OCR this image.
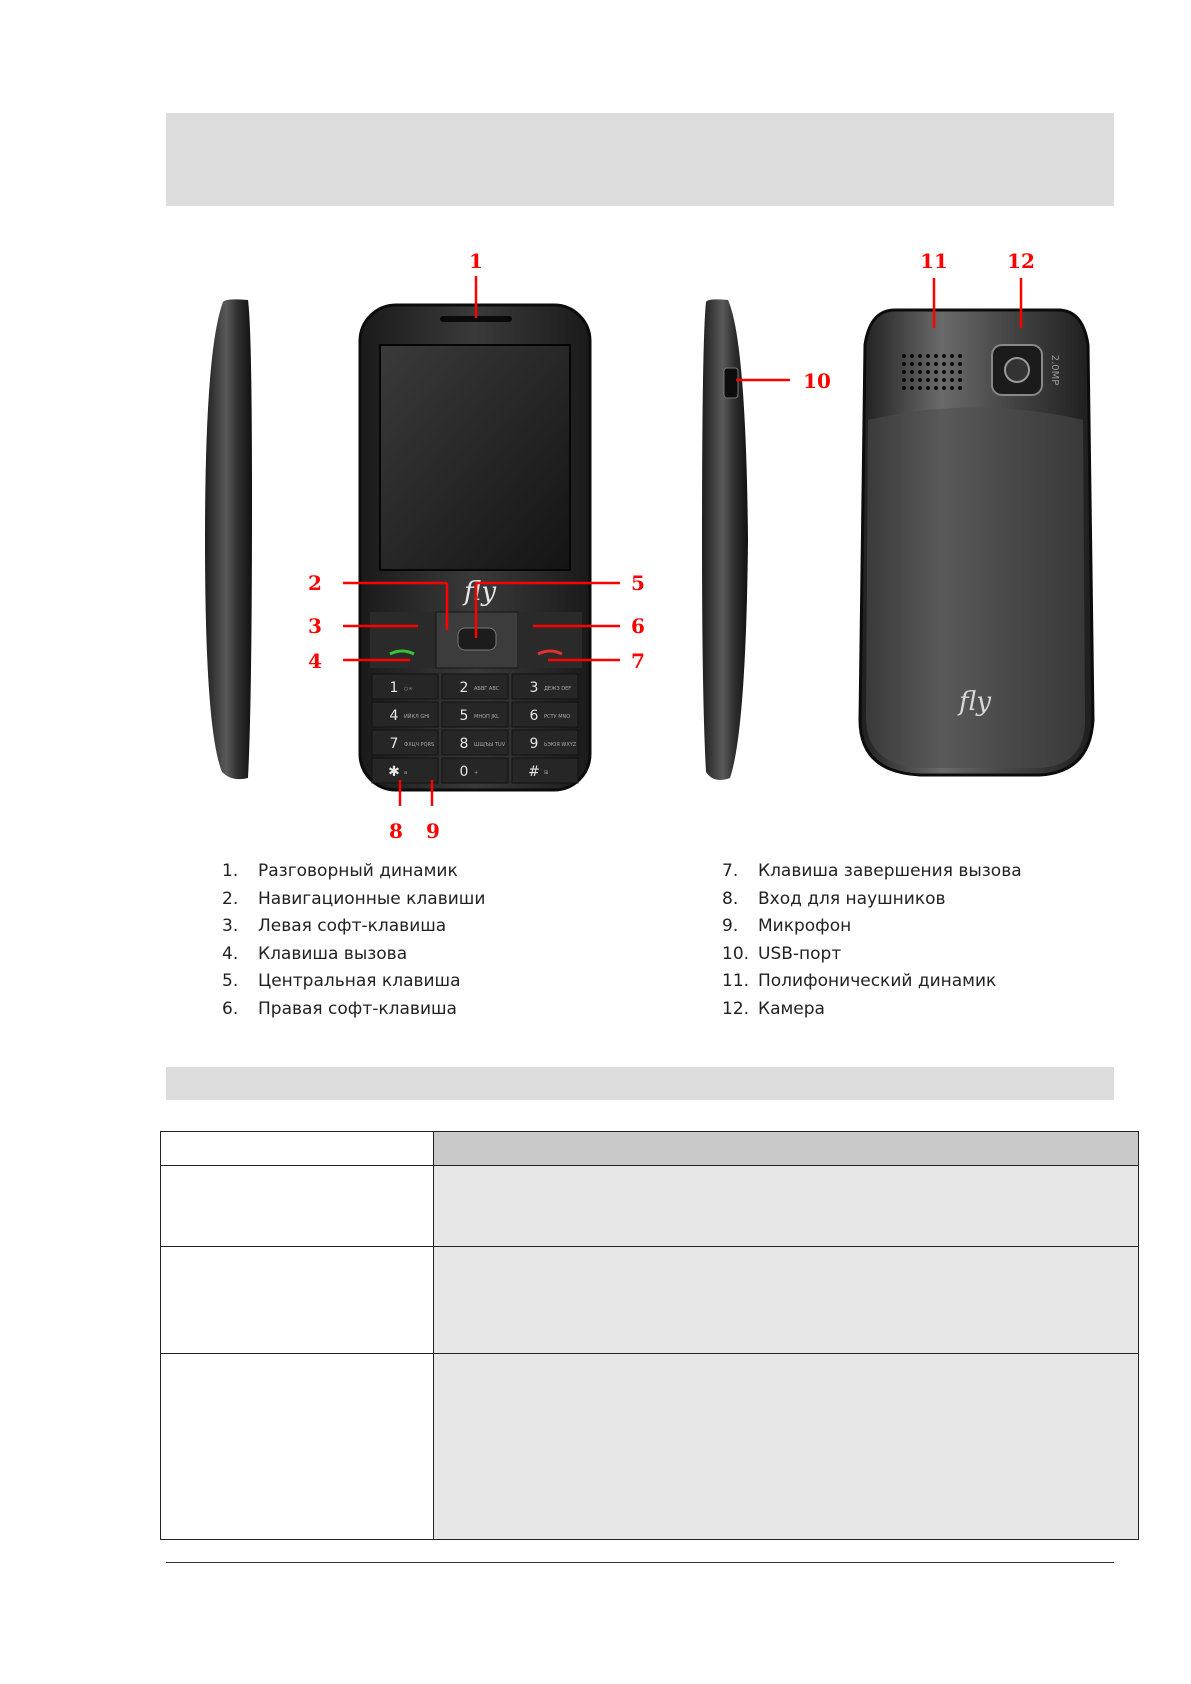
fly
1 ○∞	2 АБВГ ABC 3 ДЕЖЗ DEF
4 ИЙКЛ GHI 5 МНОП JKL 6 РСТУ MNO
7 ФХЦЧ PQRS 8 ШЩЪЫ TUV 9 ЬЭЮЯ WXYZ
✱ a	0 +	# ⊞
2.0MP
fly
1
2
3
4
5
6
7
8 9
10
11	12
1.	Разговорный динамик
2.	Навигационные клавиши
3.	Левая софт-клавиша
4.	Клавиша вызова
5.	Центральная клавиша
6.	Правая софт-клавиша
7.	Клавиша завершения вызова
8.	Вход для наушников
9.	Микрофон
10. USB-порт
11. Полифонический динамик
12. Камера
